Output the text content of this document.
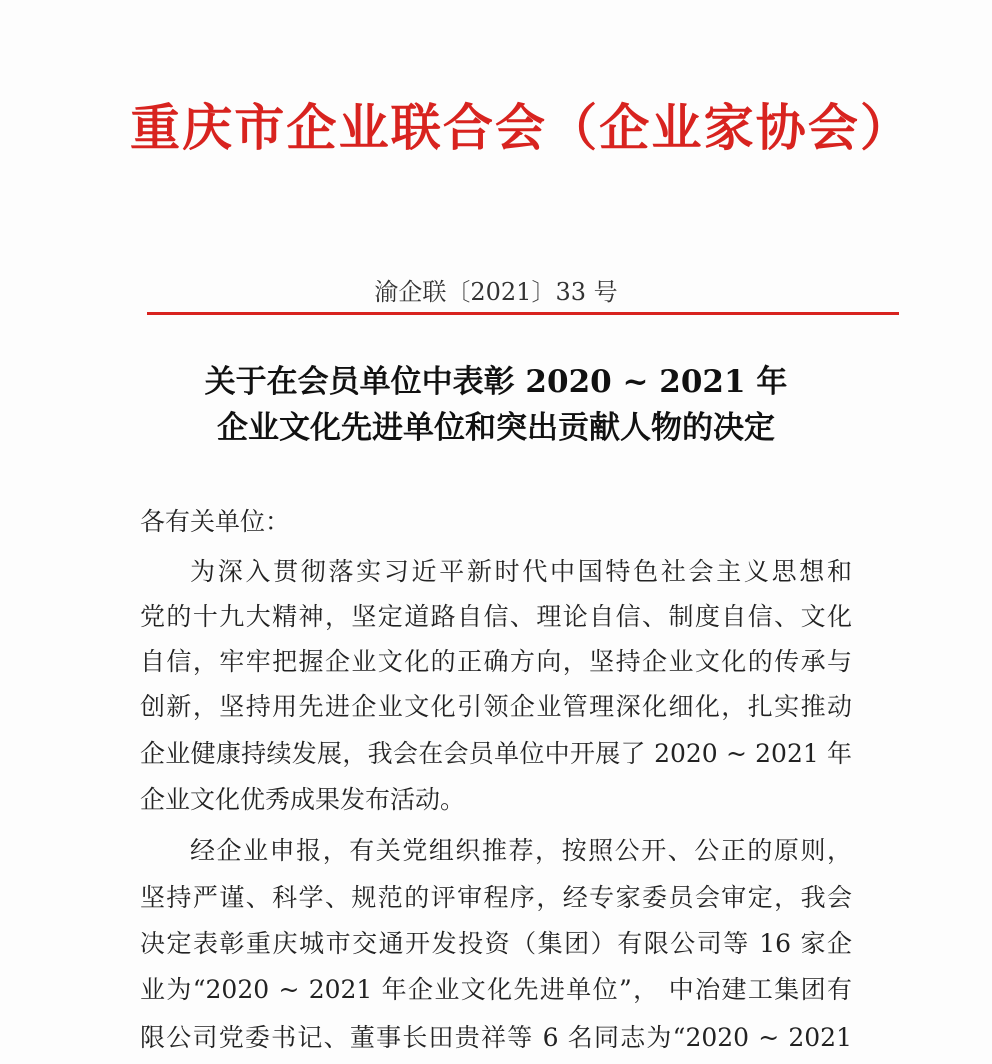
重庆市企业联合会（企业家协会）
渝企联〔2021〕33 号
关于在会员单位中表彰 2020 ~ 2021 年
企业文化先进单位和突出贡献人物的决定
各有关单位：
为深入贯彻落实习近平新时代中国特色社会主义思想和
党的十九大精神，坚定道路自信、理论自信、制度自信、文化
自信，牢牢把握企业文化的正确方向，坚持企业文化的传承与
创新，坚持用先进企业文化引领企业管理深化细化，扎实推动
企业健康持续发展，我会在会员单位中开展了 2020 ~ 2021 年
企业文化优秀成果发布活动。
经企业申报，有关党组织推荐，按照公开、公正的原则，
坚持严谨、科学、规范的评审程序，经专家委员会审定，我会
决定表彰重庆城市交通开发投资（集团）有限公司等 16 家企
业为“2020 ~ 2021 年企业文化先进单位”， 中冶建工集团有
限公司党委书记、董事长田贵祥等 6 名同志为“2020 ~ 2021
